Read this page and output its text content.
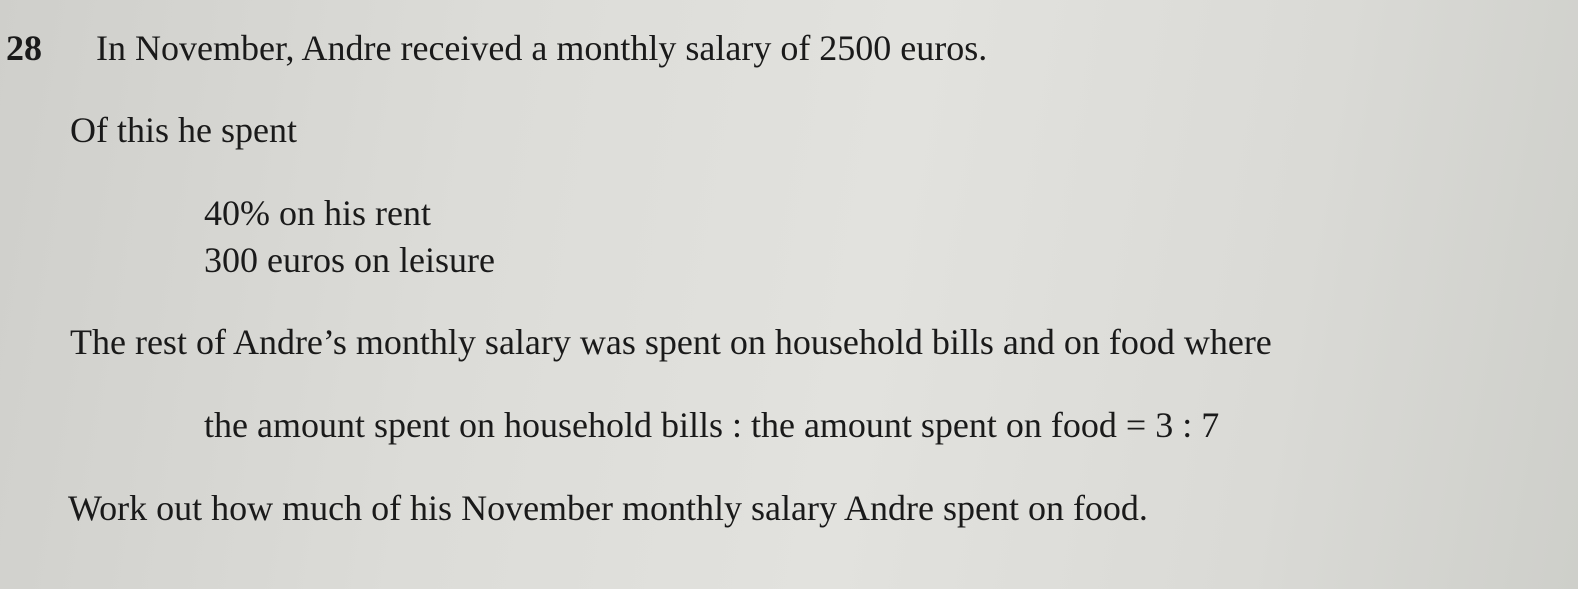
28 In November, Andre received a monthly salary of 2500 euros.
Of this he spent
40% on his rent
300 euros on leisure
The rest of Andre’s monthly salary was spent on household bills and on food where
the amount spent on household bills : the amount spent on food = 3 : 7
Work out how much of his November monthly salary Andre spent on food.
